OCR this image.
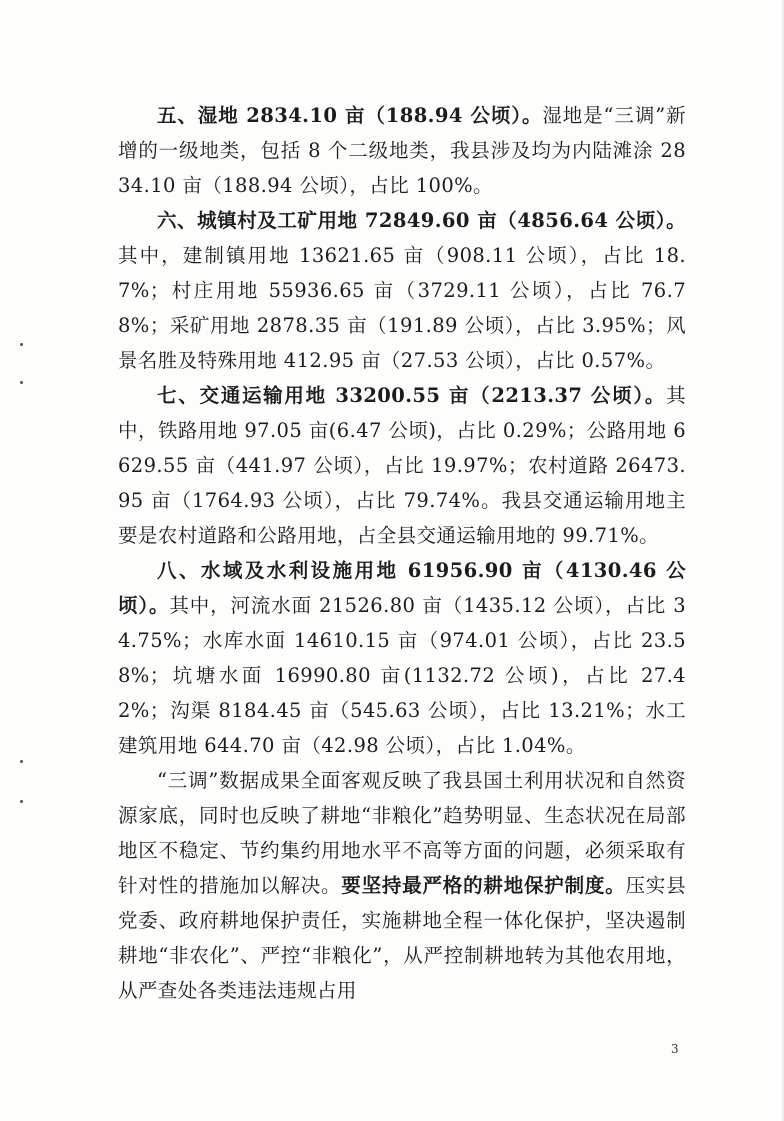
五、湿地 2834.10 亩（188.94 公顷）。湿地是“三调”新增的一级地类，包括 8 个二级地类，我县涉及均为内陆滩涂 2834.10 亩（188.94 公顷），占比 100%。

六、城镇村及工矿用地 72849.60 亩（4856.64 公顷）。其中，建制镇用地 13621.65 亩（908.11 公顷），占比 18.7%；村庄用地 55936.65 亩（3729.11 公顷），占比 76.78%；采矿用地 2878.35 亩（191.89 公顷），占比 3.95%；风景名胜及特殊用地 412.95 亩（27.53 公顷），占比 0.57%。

七、交通运输用地 33200.55 亩（2213.37 公顷）。其中，铁路用地 97.05 亩(6.47 公顷)，占比 0.29%；公路用地 6629.55 亩（441.97 公顷），占比 19.97%；农村道路 26473.95 亩（1764.93 公顷），占比 79.74%。我县交通运输用地主要是农村道路和公路用地，占全县交通运输用地的 99.71%。

八、水域及水利设施用地 61956.90 亩（4130.46 公顷）。其中，河流水面 21526.80 亩（1435.12 公顷），占比 34.75%；水库水面 14610.15 亩（974.01 公顷），占比 23.58%；坑塘水面 16990.80 亩(1132.72 公顷)，占比 27.42%；沟渠 8184.45 亩（545.63 公顷），占比 13.21%；水工建筑用地 644.70 亩（42.98 公顷），占比 1.04%。

“三调”数据成果全面客观反映了我县国土利用状况和自然资源家底，同时也反映了耕地“非粮化”趋势明显、生态状况在局部地区不稳定、节约集约用地水平不高等方面的问题，必须采取有针对性的措施加以解决。要坚持最严格的耕地保护制度。压实县党委、政府耕地保护责任，实施耕地全程一体化保护，坚决遏制耕地“非农化”、严控“非粮化”，从严控制耕地转为其他农用地，从严查处各类违法违规占用

3
